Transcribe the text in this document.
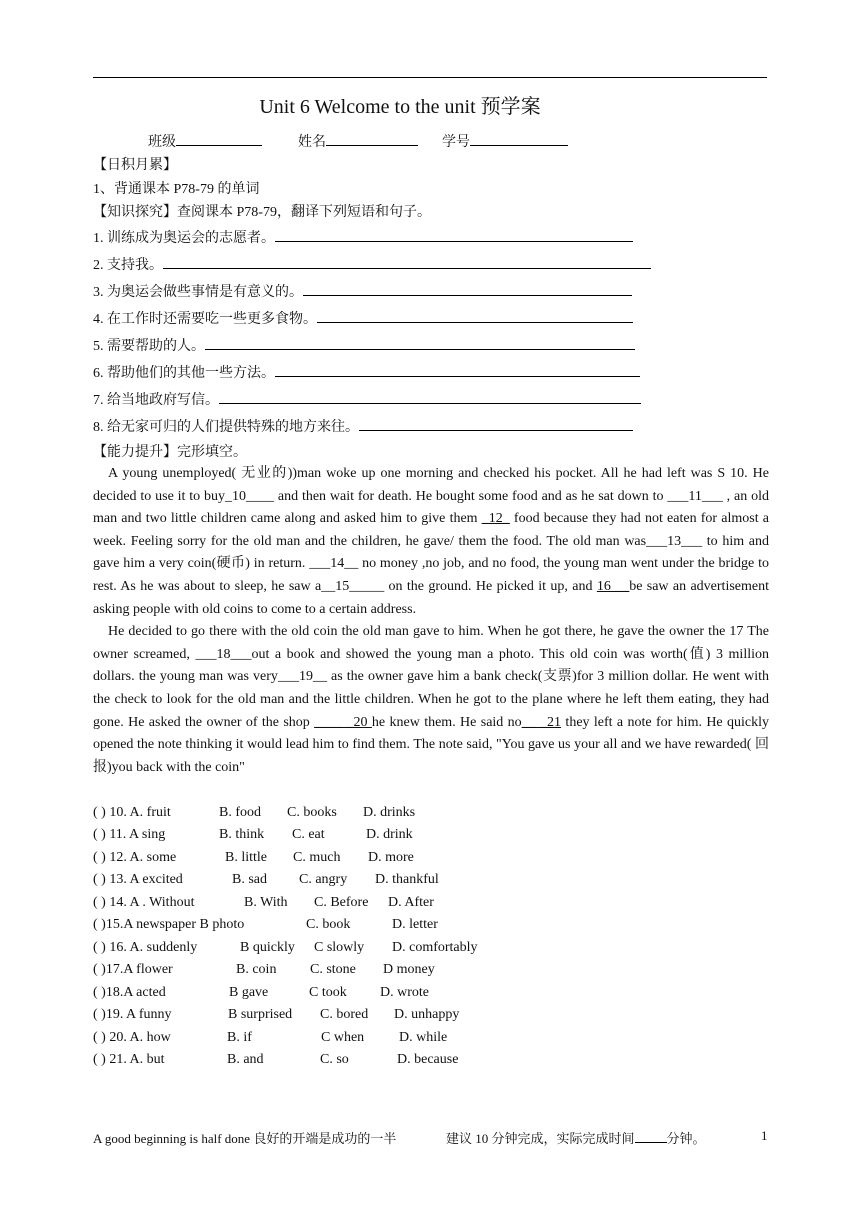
Unit 6 Welcome to the unit 预学案
班级	姓名	学号
【日积月累】
1、背通课本 P78-79 的单词
【知识探究】查阅课本 P78-79，翻译下列短语和句子。
1. 训练成为奥运会的志愿者。
2. 支持我。
3. 为奥运会做些事情是有意义的。
4. 在工作时还需要吃一些更多食物。
5. 需要帮助的人。
6. 帮助他们的其他一些方法。
7. 给当地政府写信。
8. 给无家可归的人们提供特殊的地方来往。
【能力提升】完形填空。

A young unemployed( 无业的))man woke up one morning and checked his pocket. All he had left was S 10. He decided to use it to buy_10____ and then wait for death. He bought some food and as he sat down to ___11___ , an old man and two little children came along and asked him to give them _12_ food because they had not eaten for almost a week. Feeling sorry for the old man and the children, he gave/ them the food. The old man was___13___ to him and gave him a very coin(硬币) in return. ___14__ no money ,no job, and no food, the young man went under the bridge to rest. As he was about to sleep, he saw a__15_____ on the ground. He picked it up, and 16 __be saw an advertisement asking people with old coins to come to a certain address.

He decided to go there with the old coin the old man gave to him. When he got there, he gave the owner the 17 The owner screamed, ___18___out a book and showed the young man a photo. This old coin was worth(值) 3 million dollars. the young man was very___19__ as the owner gave him a bank check(支票)for 3 million dollar. He went with the check to look for the old man and the little children. When he got to the plane where he left them eating, they had gone. He asked the owner of the shop ____ _20 he knew them. He said no__ _21 they left a note for him. He quickly opened the note thinking it would lead him to find them. The note said, "You gave us your all and we have rewarded( 回报)you back with the coin"

( ) 10. A. fruit	B. food C. books D. drinks
( ) 11. A sing	B. think C. eat	D. drink
( ) 12. A. some	B. little C. much D. more
( ) 13. A excited	B. sad C. angry D. thankful
( ) 14. A . Without	B. With C. Before D. After
( )15.A newspaper B photo	C. book	D. letter
( ) 16. A. suddenly	B quickly C slowly D. comfortably
( )17.A flower	B. coin C. stone D money
( )18.A acted	B gave	C took D. wrote
( )19. A funny	B surprised C. bored D. unhappy
( ) 20. A. how	B. if	C when D. while
( ) 21. A. but	B. and	C. so	D. because
A good beginning is half done 良好的开端是成功的一半	建议 10 分钟完成，实际完成时间 分钟。	1
